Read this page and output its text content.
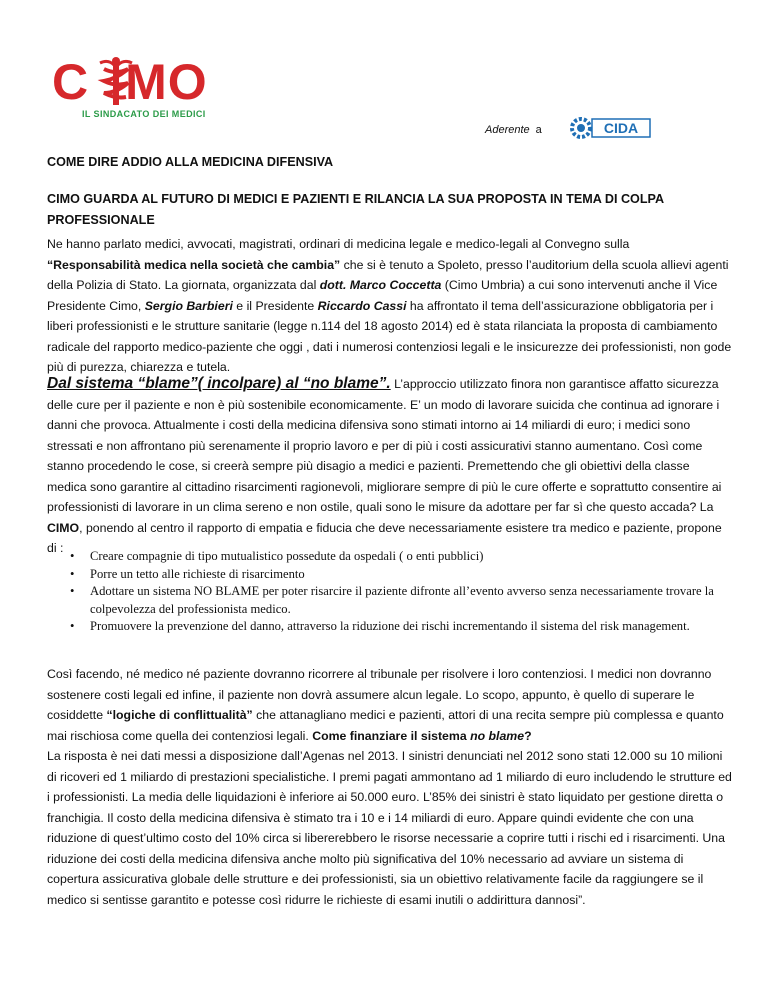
C MO
IL SINDACATO DEI MEDICI
Aderente a	CIDA
COME DIRE ADDIO ALLA MEDICINA DIFENSIVA
CIMO GUARDA AL FUTURO DI MEDICI E PAZIENTI E RILANCIA LA SUA PROPOSTA IN TEMA DI COLPA PROFESSIONALE

Ne hanno parlato medici, avvocati, magistrati, ordinari di medicina legale e medico-legali al Convegno sulla
“Responsabilità medica nella società che cambia” che si è tenuto a Spoleto, presso l’auditorium della scuola allievi agenti della Polizia di Stato. La giornata, organizzata dal dott. Marco Coccetta (Cimo Umbria) a cui sono intervenuti anche il Vice Presidente Cimo, Sergio Barbieri e il Presidente Riccardo Cassi ha affrontato il tema dell’assicurazione obbligatoria per i liberi professionisti e le strutture sanitarie (legge n.114 del 18 agosto 2014) ed è stata rilanciata la proposta di cambiamento radicale del rapporto medico-paziente che oggi , dati i numerosi contenziosi legali e le insicurezze dei professionisti, non gode più di purezza, chiarezza e tutela.

Dal sistema “blame”( incolpare) al “no blame”. L’approccio utilizzato finora non garantisce affatto sicurezza delle cure per il paziente e non è più sostenibile economicamente. E’ un modo di lavorare suicida che continua ad ignorare i danni che provoca. Attualmente i costi della medicina difensiva sono stimati intorno ai 14 miliardi di euro; i medici sono stressati e non affrontano più serenamente il proprio lavoro e per di più i costi assicurativi stanno aumentano. Così come stanno procedendo le cose, si creerà sempre più disagio a medici e pazienti. Premettendo che gli obiettivi della classe medica sono garantire al cittadino risarcimenti ragionevoli, migliorare sempre di più le cure offerte e soprattutto consentire ai professionisti di lavorare in un clima sereno e non ostile, quali sono le misure da adottare per far sì che questo accada? La CIMO, ponendo al centro il rapporto di empatia e fiducia che deve necessariamente esistere tra medico e paziente, propone di :

• Creare compagnie di tipo mutualistico possedute da ospedali ( o enti pubblici)
• Porre un tetto alle richieste di risarcimento
• Adottare un sistema NO BLAME per poter risarcire il paziente difronte all’evento avverso senza necessariamente trovare la colpevolezza del professionista medico.
• Promuovere la prevenzione del danno, attraverso la riduzione dei rischi incrementando il sistema del risk management.

Così facendo, né medico né paziente dovranno ricorrere al tribunale per risolvere i loro contenziosi. I medici non dovranno sostenere costi legali ed infine, il paziente non dovrà assumere alcun legale. Lo scopo, appunto, è quello di superare le cosiddette “logiche di conflittualità” che attanagliano medici e pazienti, attori di una recita sempre più complessa e quanto mai rischiosa come quella dei contenziosi legali. Come finanziare il sistema no blame?
La risposta è nei dati messi a disposizione dall’Agenas nel 2013. I sinistri denunciati nel 2012 sono stati 12.000 su 10 milioni di ricoveri ed 1 miliardo di prestazioni specialistiche. I premi pagati ammontano ad 1 miliardo di euro includendo le strutture ed i professionisti. La media delle liquidazioni è inferiore ai 50.000 euro. L’85% dei sinistri è stato liquidato per gestione diretta o franchigia. Il costo della medicina difensiva è stimato tra i 10 e i 14 miliardi di euro. Appare quindi evidente che con una riduzione di quest’ultimo costo del 10% circa si libererebbero le risorse necessarie a coprire tutti i rischi ed i risarcimenti. Una riduzione dei costi della medicina difensiva anche molto più significativa del 10% necessario ad avviare un sistema di copertura assicurativa globale delle strutture e dei professionisti, sia un obiettivo relativamente facile da raggiungere se il medico si sentisse garantito e potesse così ridurre le richieste di esami inutili o addirittura dannosi”.
